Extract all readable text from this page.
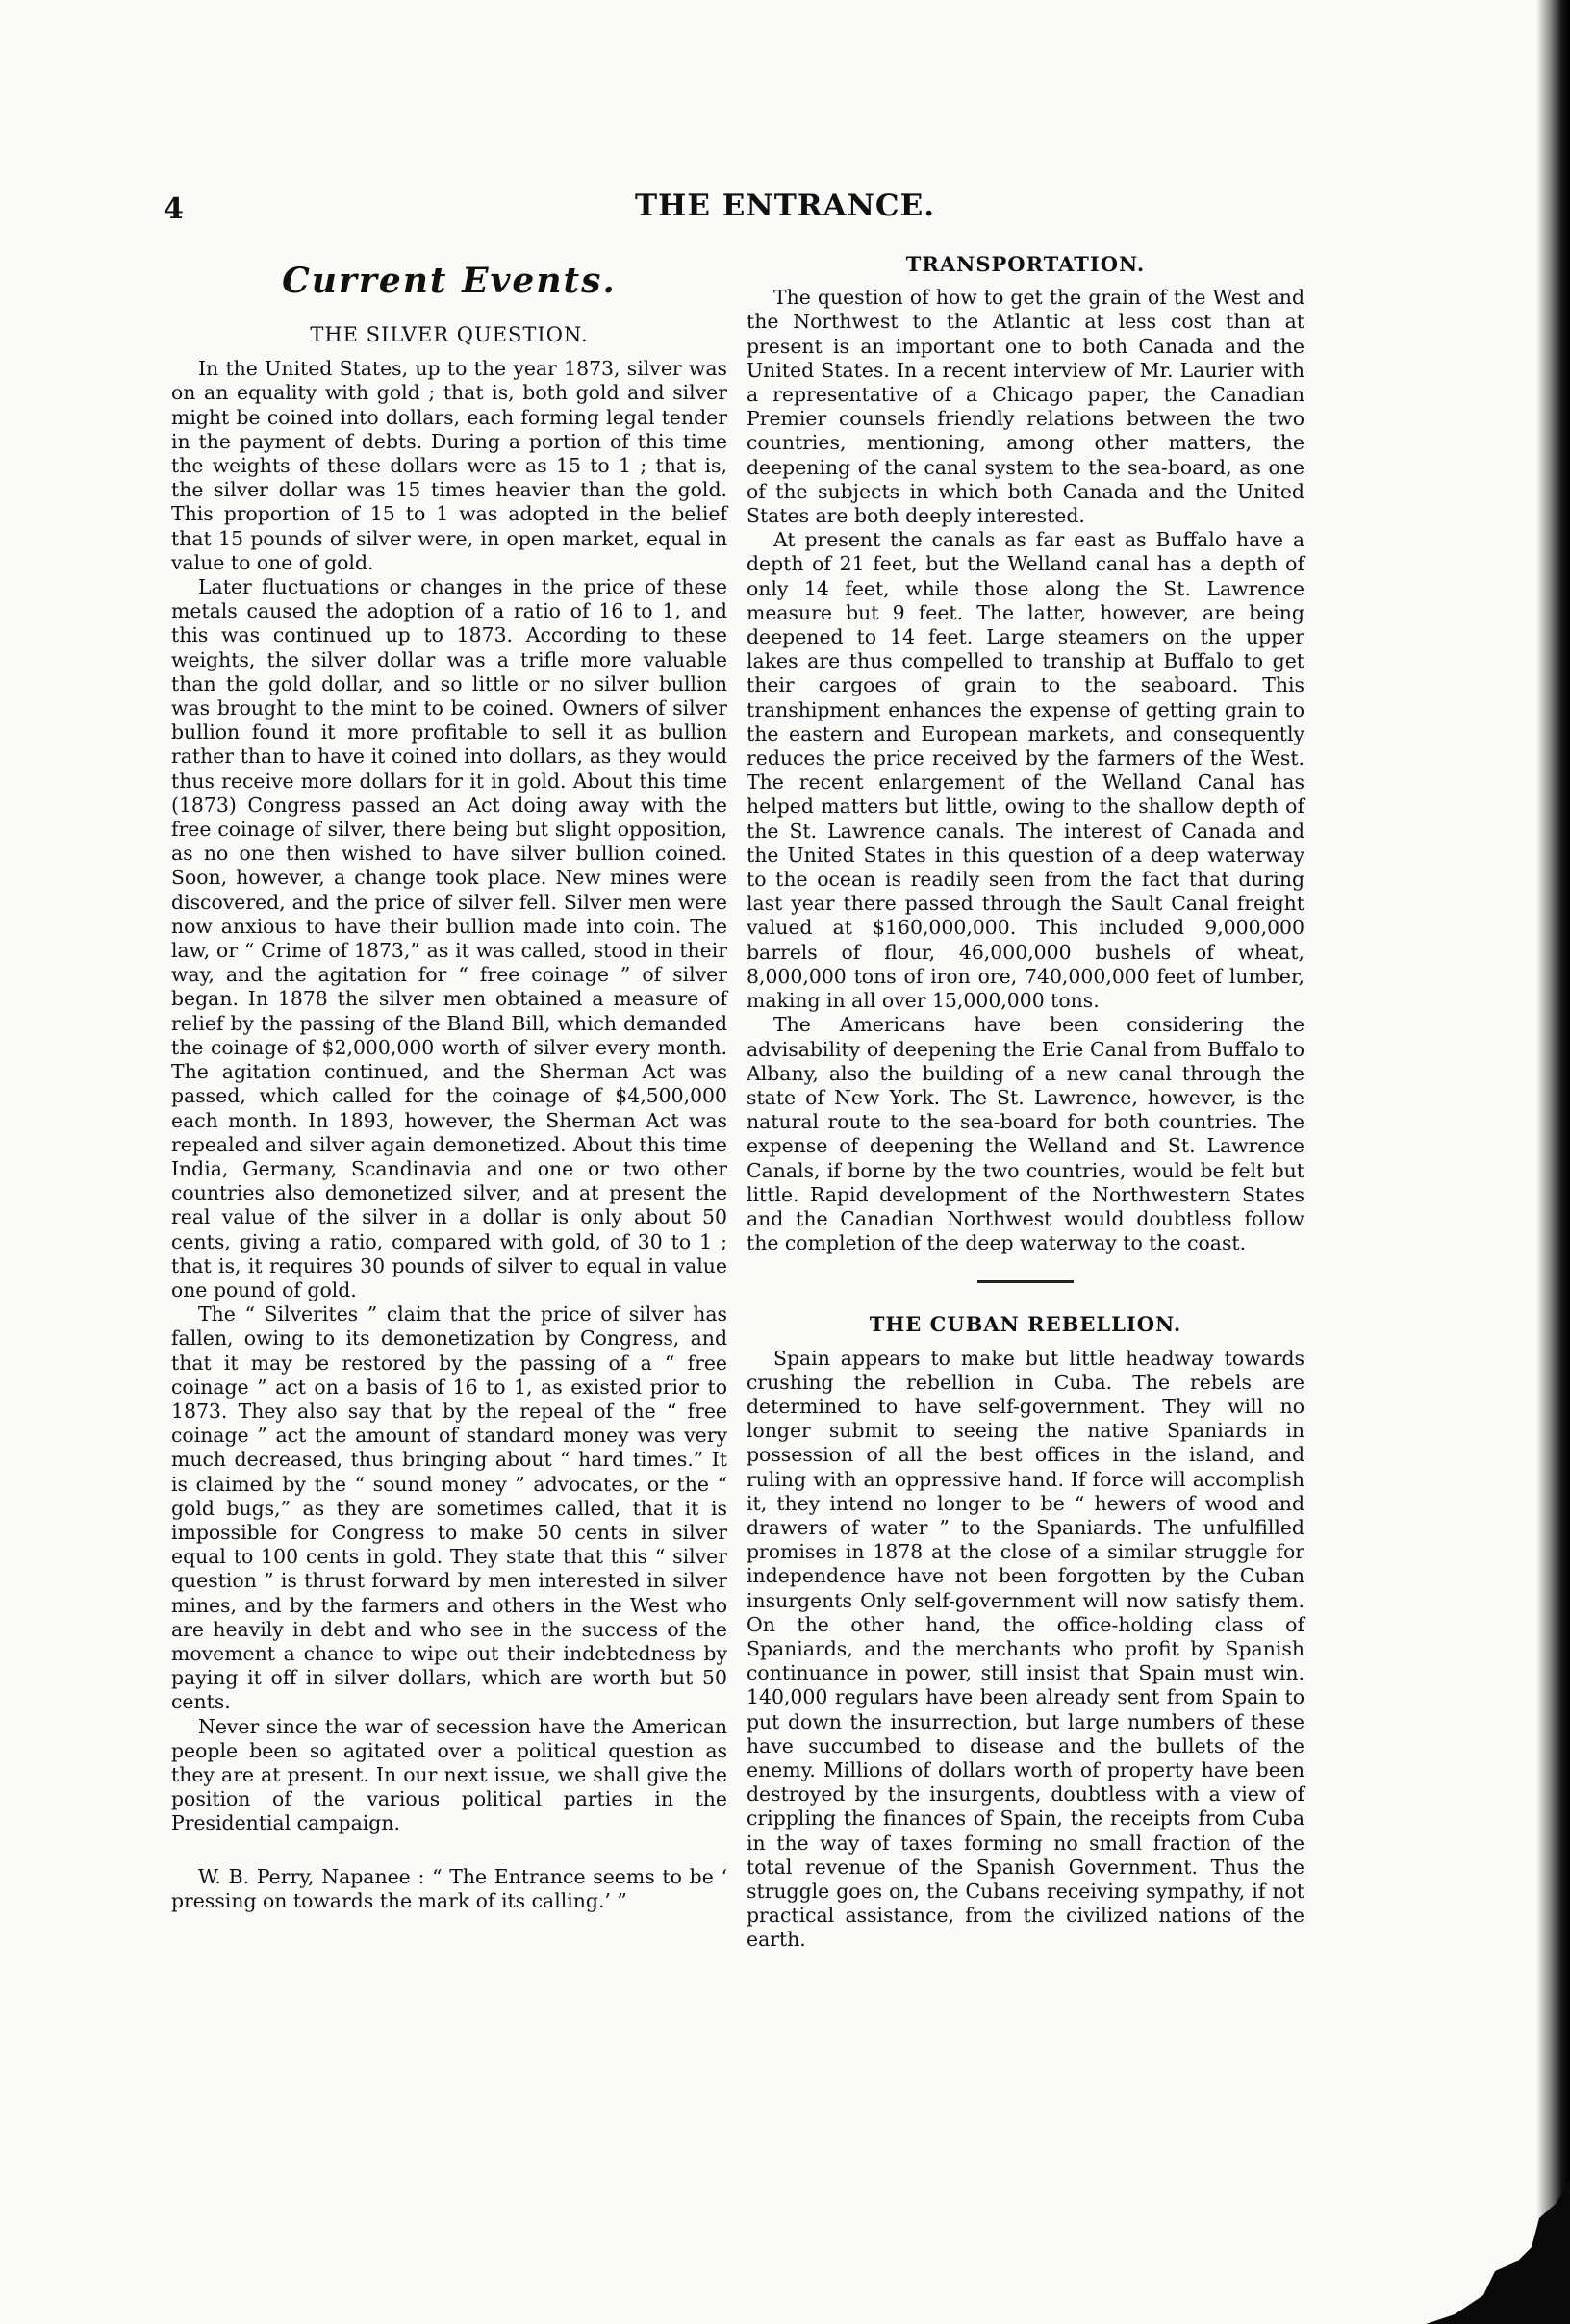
4	THE ENTRANCE.
Current Events.
THE SILVER QUESTION.

In the United States, up to the year 1873, silver was on an equality with gold ; that is, both gold and silver might be coined into dollars, each forming legal tender in the payment of debts. During a portion of this time the weights of these dollars were as 15 to 1 ; that is, the silver dollar was 15 times heavier than the gold. This proportion of 15 to 1 was adopted in the belief that 15 pounds of silver were, in open market, equal in value to one of gold.

Later fluctuations or changes in the price of these metals caused the adoption of a ratio of 16 to 1, and this was continued up to 1873. According to these weights, the silver dollar was a trifle more valuable than the gold dollar, and so little or no silver bullion was brought to the mint to be coined. Owners of silver bullion found it more profitable to sell it as bullion rather than to have it coined into dollars, as they would thus receive more dollars for it in gold. About this time (1873) Congress passed an Act doing away with the free coinage of silver, there being but slight opposition, as no one then wished to have silver bullion coined. Soon, however, a change took place. New mines were discovered, and the price of silver fell. Silver men were now anxious to have their bullion made into coin. The law, or “ Crime of 1873,” as it was called, stood in their way, and the agitation for “ free coinage ” of silver began. In 1878 the silver men obtained a measure of relief by the passing of the Bland Bill, which demanded the coinage of $2,000,000 worth of silver every month. The agitation continued, and the Sherman Act was passed, which called for the coinage of $4,500,000 each month. In 1893, however, the Sherman Act was repealed and silver again demonetized. About this time India, Germany, Scandinavia and one or two other countries also demonetized silver, and at present the real value of the silver in a dollar is only about 50 cents, giving a ratio, compared with gold, of 30 to 1 ; that is, it requires 30 pounds of silver to equal in value one pound of gold.

The “ Silverites ” claim that the price of silver has fallen, owing to its demonetization by Congress, and that it may be restored by the passing of a “ free coinage ” act on a basis of 16 to 1, as existed prior to 1873. They also say that by the repeal of the “ free coinage ” act the amount of standard money was very much decreased, thus bringing about “ hard times.” It is claimed by the “ sound money ” advocates, or the “ gold bugs,” as they are sometimes called, that it is impossible for Congress to make 50 cents in silver equal to 100 cents in gold. They state that this “ silver question ” is thrust forward by men interested in silver mines, and by the farmers and others in the West who are heavily in debt and who see in the success of the movement a chance to wipe out their indebtedness by paying it off in silver dollars, which are worth but 50 cents.

Never since the war of secession have the American people been so agitated over a political question as they are at present. In our next issue, we shall give the position of the various political parties in the Presidential campaign.

W. B. Perry, Napanee : “ The Entrance seems to be ‘ pressing on towards the mark of its calling.’ ”

TRANSPORTATION.

The question of how to get the grain of the West and the Northwest to the Atlantic at less cost than at present is an important one to both Canada and the United States. In a recent interview of Mr. Laurier with a representative of a Chicago paper, the Canadian Premier counsels friendly relations between the two countries, mentioning, among other matters, the deepening of the canal system to the sea-board, as one of the subjects in which both Canada and the United States are both deeply interested.

At present the canals as far east as Buffalo have a depth of 21 feet, but the Welland canal has a depth of only 14 feet, while those along the St. Lawrence measure but 9 feet. The latter, however, are being deepened to 14 feet. Large steamers on the upper lakes are thus compelled to tranship at Buffalo to get their cargoes of grain to the seaboard. This transhipment enhances the expense of getting grain to the eastern and European markets, and consequently reduces the price received by the farmers of the West. The recent enlargement of the Welland Canal has helped matters but little, owing to the shallow depth of the St. Lawrence canals. The interest of Canada and the United States in this question of a deep waterway to the ocean is readily seen from the fact that during last year there passed through the Sault Canal freight valued at $160,000,000. This included 9,000,000 barrels of flour, 46,000,000 bushels of wheat, 8,000,000 tons of iron ore, 740,000,000 feet of lumber, making in all over 15,000,000 tons.

The Americans have been considering the advisability of deepening the Erie Canal from Buffalo to Albany, also the building of a new canal through the state of New York. The St. Lawrence, however, is the natural route to the sea-board for both countries. The expense of deepening the Welland and St. Lawrence Canals, if borne by the two countries, would be felt but little. Rapid development of the Northwestern States and the Canadian Northwest would doubtless follow the completion of the deep waterway to the coast.

THE CUBAN REBELLION.

Spain appears to make but little headway towards crushing the rebellion in Cuba. The rebels are determined to have self-government. They will no longer submit to seeing the native Spaniards in possession of all the best offices in the island, and ruling with an oppressive hand. If force will accomplish it, they intend no longer to be “ hewers of wood and drawers of water ” to the Spaniards. The unfulfilled promises in 1878 at the close of a similar struggle for independence have not been forgotten by the Cuban insurgents Only self-government will now satisfy them. On the other hand, the office-holding class of Spaniards, and the merchants who profit by Spanish continuance in power, still insist that Spain must win. 140,000 regulars have been already sent from Spain to put down the insurrection, but large numbers of these have succumbed to disease and the bullets of the enemy. Millions of dollars worth of property have been destroyed by the insurgents, doubtless with a view of crippling the finances of Spain, the receipts from Cuba in the way of taxes forming no small fraction of the total revenue of the Spanish Government. Thus the struggle goes on, the Cubans receiving sympathy, if not practical assistance, from the civilized nations of the earth.
